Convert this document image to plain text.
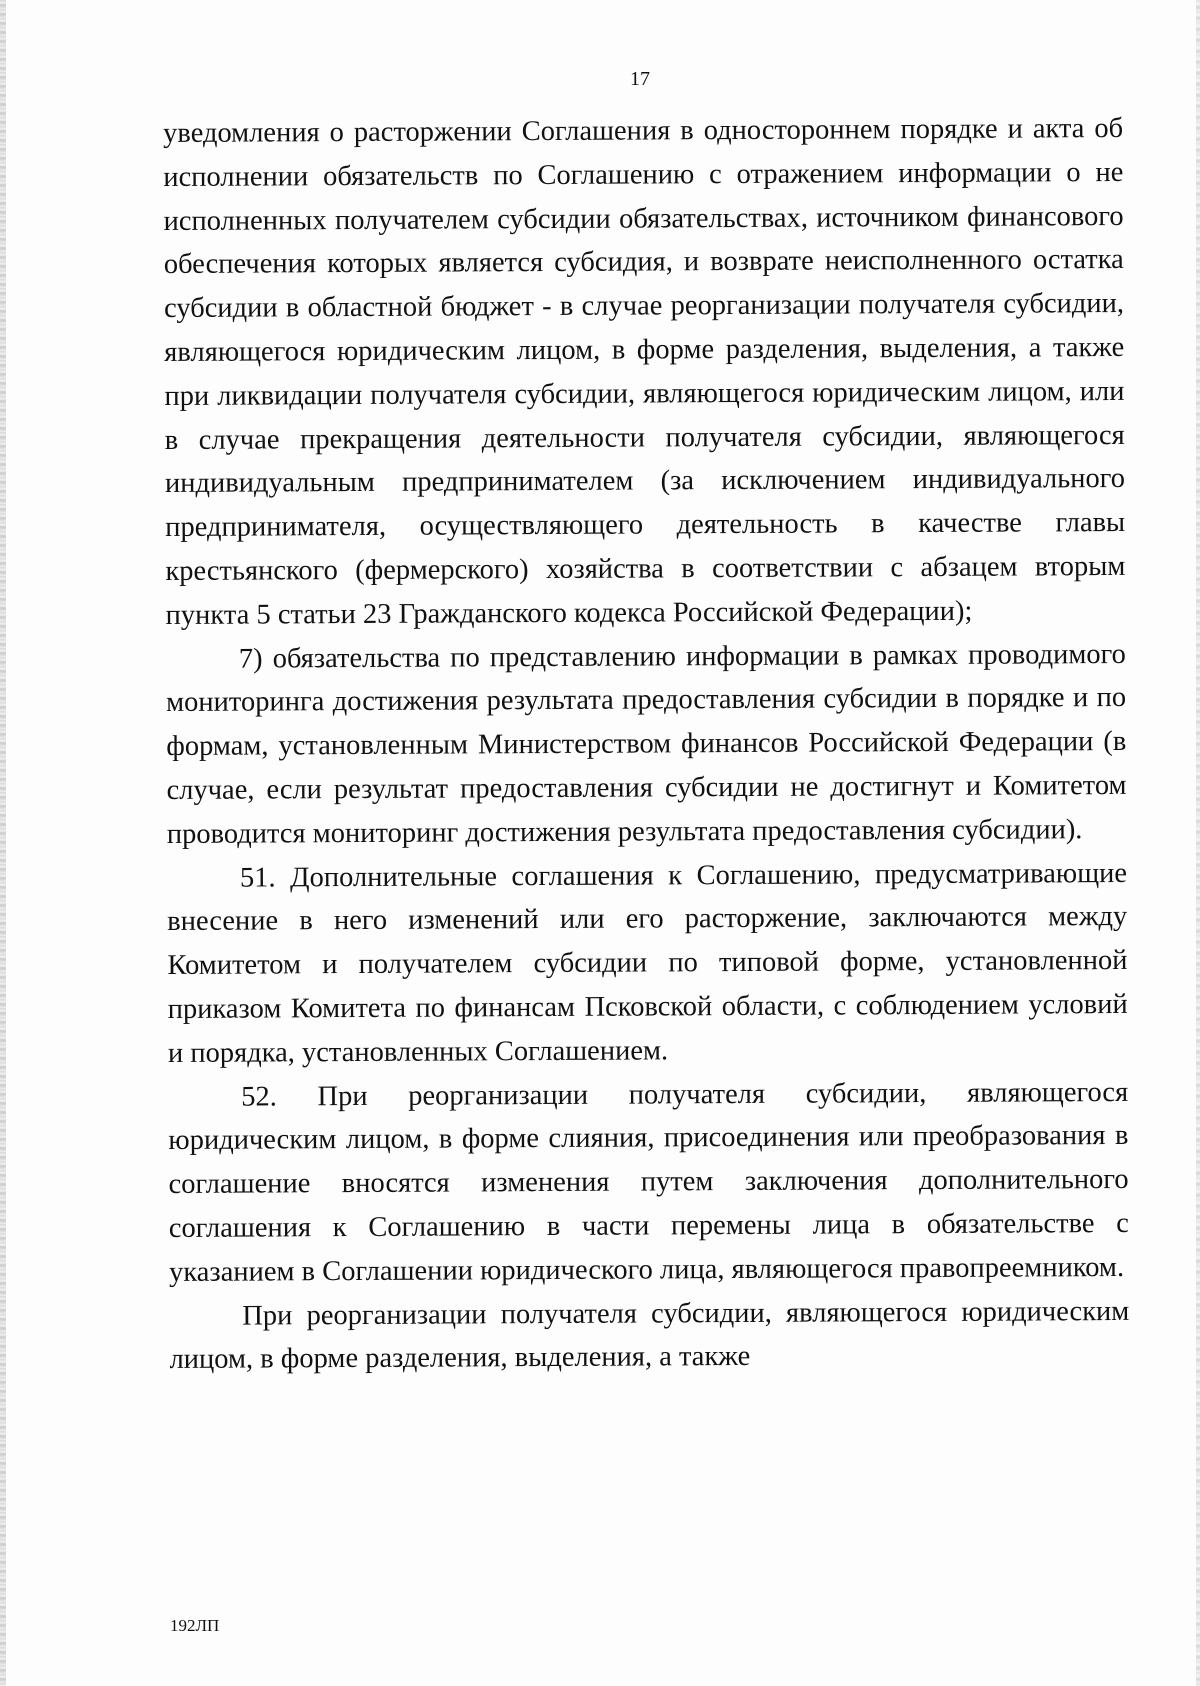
17

уведомления о расторжении Соглашения в одностороннем порядке и акта об исполнении обязательств по Соглашению с отражением информации о не исполненных получателем субсидии обязательствах, источником финансового обеспечения которых является субсидия, и возврате неисполненного остатка субсидии в областной бюджет - в случае реорганизации получателя субсидии, являющегося юридическим лицом, в форме разделения, выделения, а также при ликвидации получателя субсидии, являющегося юридическим лицом, или в случае прекращения деятельности получателя субсидии, являющегося индивидуальным предпринимателем (за исключением индивидуального предпринимателя, осуществляющего деятельность в качестве главы крестьянского (фермерского) хозяйства в соответствии с абзацем вторым пункта 5 статьи 23 Гражданского кодекса Российской Федерации);

7) обязательства по представлению информации в рамках проводимого мониторинга достижения результата предоставления субсидии в порядке и по формам, установленным Министерством финансов Российской Федерации (в случае, если результат предоставления субсидии не достигнут и Комитетом проводится мониторинг достижения результата предоставления субсидии).

51. Дополнительные соглашения к Соглашению, предусматривающие внесение в него изменений или его расторжение, заключаются между Комитетом и получателем субсидии по типовой форме, установленной приказом Комитета по финансам Псковской области, с соблюдением условий и порядка, установленных Соглашением.

52. При реорганизации получателя субсидии, являющегося юридическим лицом, в форме слияния, присоединения или преобразования в соглашение вносятся изменения путем заключения дополнительного соглашения к Соглашению в части перемены лица в обязательстве с указанием в Соглашении юридического лица, являющегося правопреемником.

При реорганизации получателя субсидии, являющегося юридическим лицом, в форме разделения, выделения, а также

192ЛП
